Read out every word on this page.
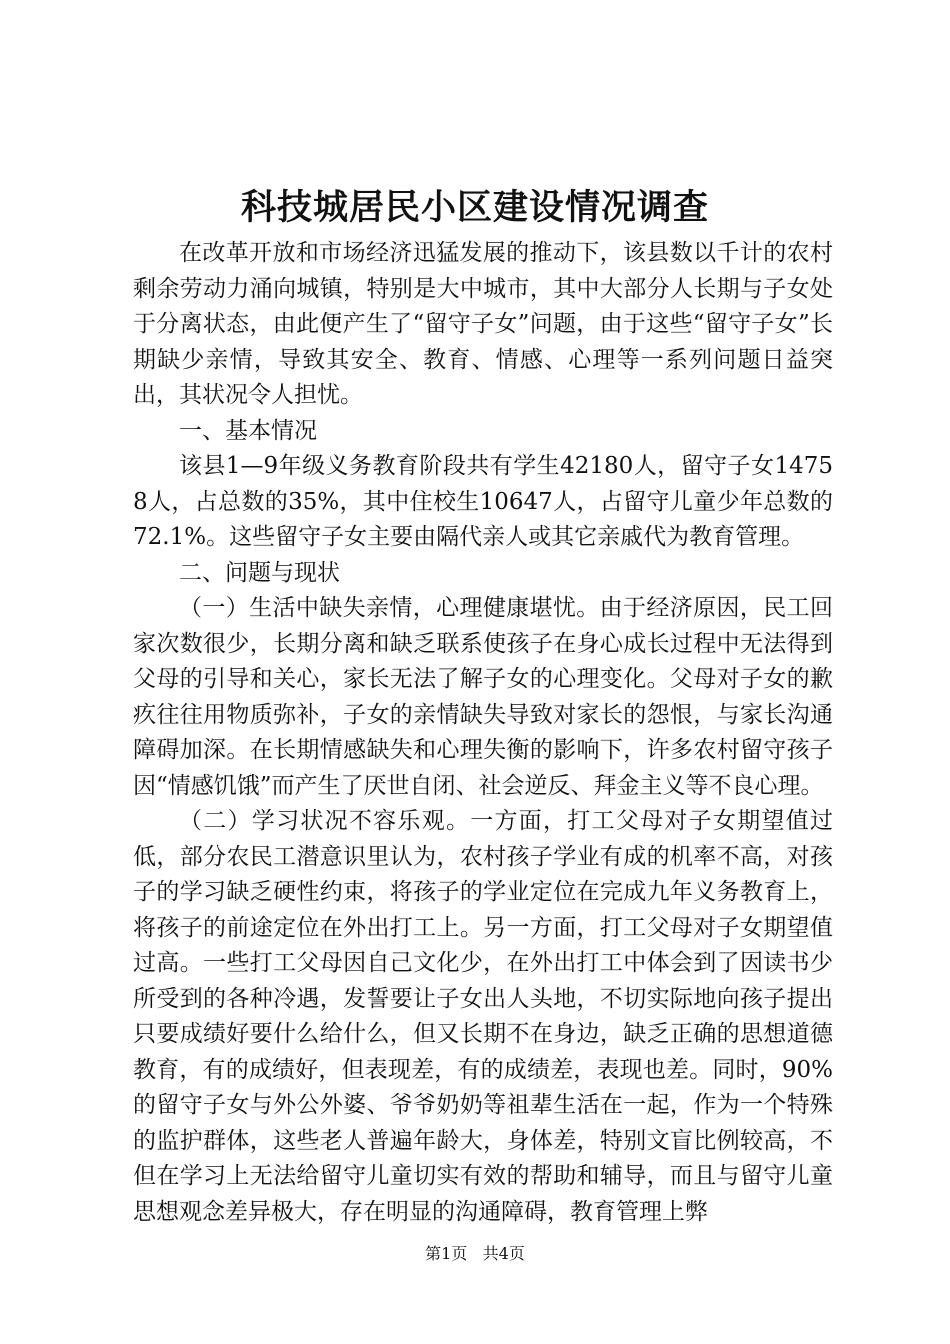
科技城居民小区建设情况调查

在改革开放和市场经济迅猛发展的推动下，该县数以千计的农村剩余劳动力涌向城镇，特别是大中城市，其中大部分人长期与子女处于分离状态，由此便产生了“留守子女”问题，由于这些“留守子女”长期缺少亲情，导致其安全、教育、情感、心理等一系列问题日益突出，其状况令人担忧。

一、基本情况

该县1—9年级义务教育阶段共有学生42180人，留守子女14758人，占总数的35%，其中住校生10647人，占留守儿童少年总数的72.1%。这些留守子女主要由隔代亲人或其它亲戚代为教育管理。

二、问题与现状

（一）生活中缺失亲情，心理健康堪忧。由于经济原因，民工回家次数很少，长期分离和缺乏联系使孩子在身心成长过程中无法得到父母的引导和关心，家长无法了解子女的心理变化。父母对子女的歉疚往往用物质弥补，子女的亲情缺失导致对家长的怨恨，与家长沟通障碍加深。在长期情感缺失和心理失衡的影响下，许多农村留守孩子因“情感饥饿”而产生了厌世自闭、社会逆反、拜金主义等不良心理。

（二）学习状况不容乐观。一方面，打工父母对子女期望值过低，部分农民工潜意识里认为，农村孩子学业有成的机率不高，对孩子的学习缺乏硬性约束，将孩子的学业定位在完成九年义务教育上，将孩子的前途定位在外出打工上。另一方面，打工父母对子女期望值过高。一些打工父母因自己文化少，在外出打工中体会到了因读书少所受到的各种冷遇，发誓要让子女出人头地，不切实际地向孩子提出只要成绩好要什么给什么，但又长期不在身边，缺乏正确的思想道德教育，有的成绩好，但表现差，有的成绩差，表现也差。同时，90%的留守子女与外公外婆、爷爷奶奶等祖辈生活在一起，作为一个特殊的监护群体，这些老人普遍年龄大，身体差，特别文盲比例较高，不但在学习上无法给留守儿童切实有效的帮助和辅导，而且与留守儿童思想观念差异极大，存在明显的沟通障碍，教育管理上弊

第1页 共4页
